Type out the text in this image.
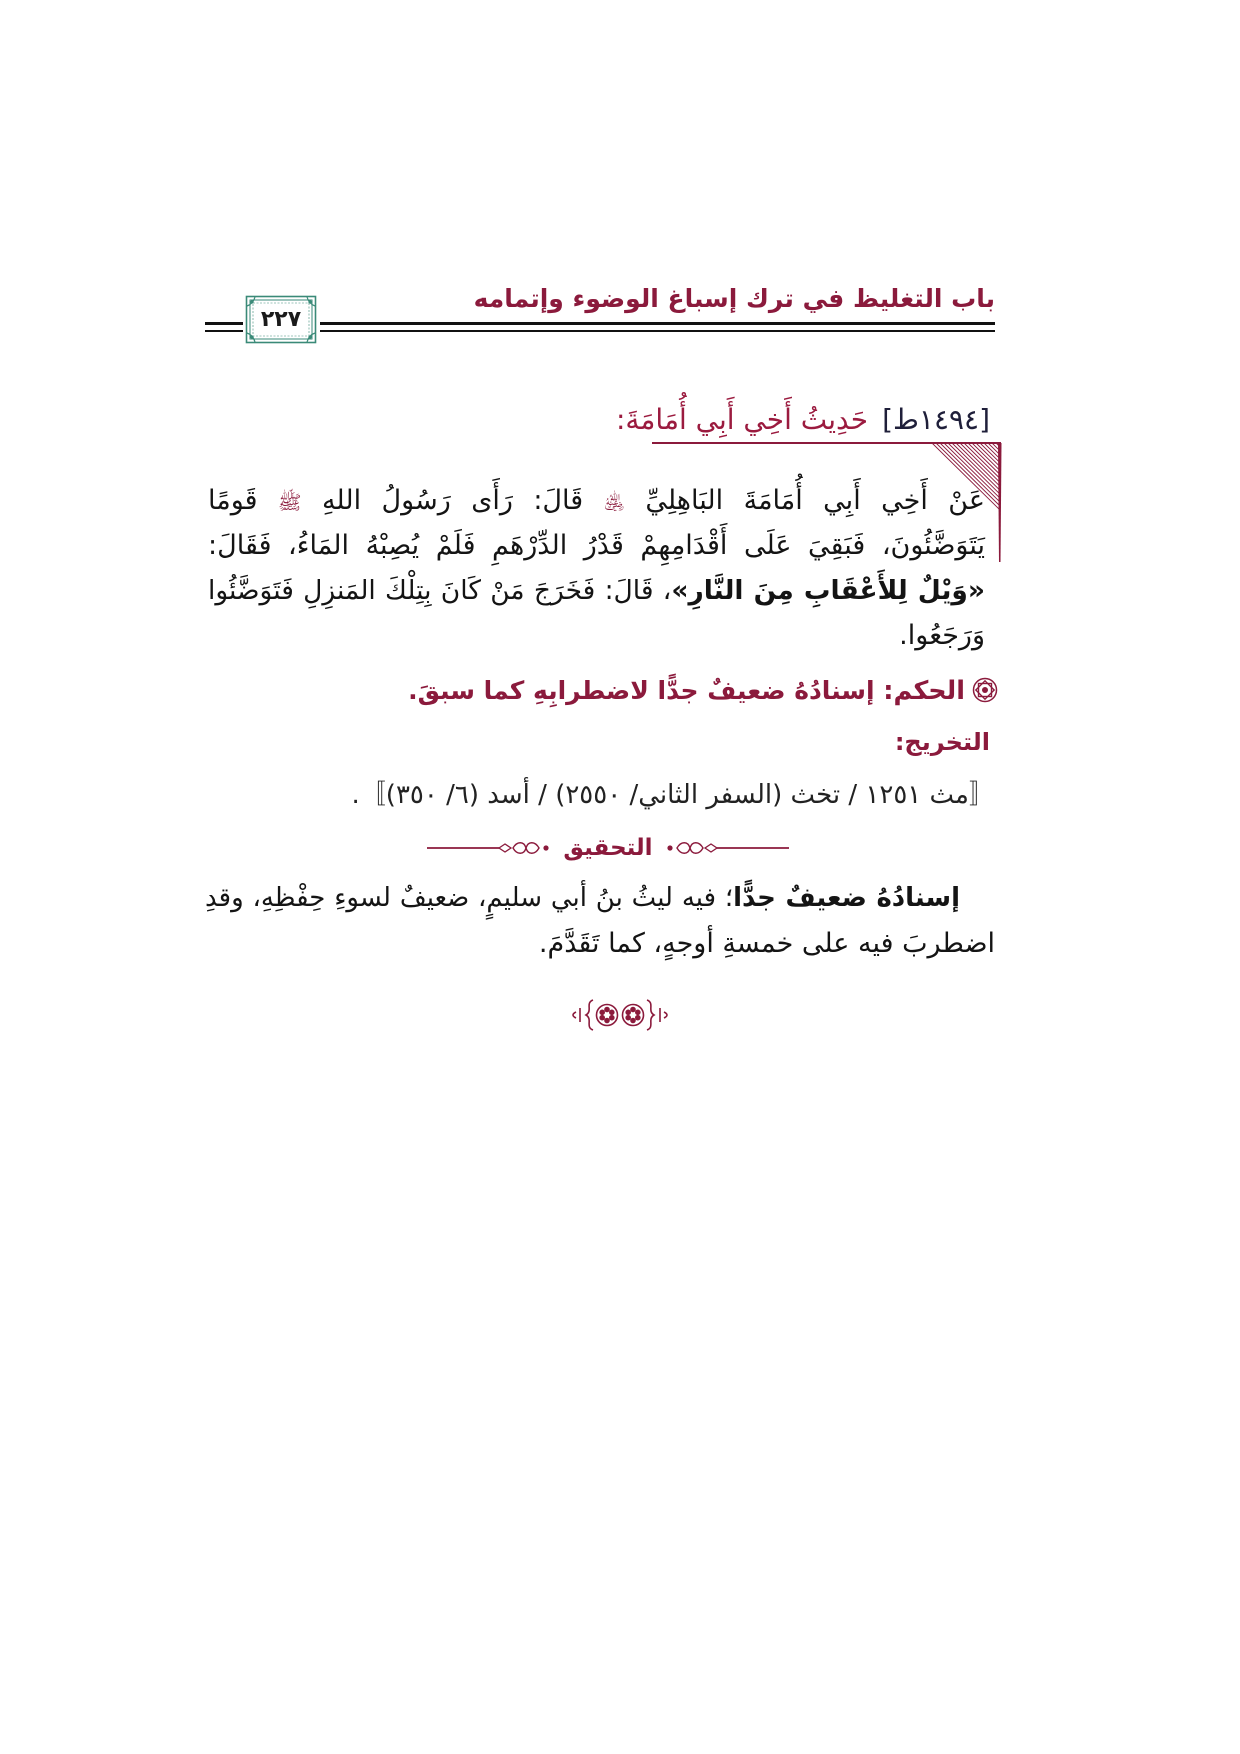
باب التغليظ في ترك إسباغ الوضوء وإتمامه
٢٢٧
[١٤٩٤ط]حَدِيثُ أَخِي أَبِي أُمَامَةَ:
عَنْ أَخِي أَبِي أُمَامَةَ البَاهِلِيِّ ﵁ قَالَ: رَأَى رَسُولُ اللهِ ﷺ قَومًا
يَتَوَضَّئُونَ، فَبَقِيَ عَلَى أَقْدَامِهِمْ قَدْرُ الدِّرْهَمِ فَلَمْ يُصِبْهُ المَاءُ، فَقَالَ:
«وَيْلٌ لِلأَعْقَابِ مِنَ النَّارِ»، قَالَ: فَخَرَجَ مَنْ كَانَ بِتِلْكَ المَنزِلِ فَتَوَضَّئُوا
وَرَجَعُوا.
الحكم: إسنادُهُ ضعيفٌ جدًّا لاضطرابِهِ كما سبقَ.
التخريج:
〚مث ١٢٥١ / تخث (السفر الثاني/ ٢٥٥٠) / أسد (٦/ ٣٥٠)〛.
التحقيق
إسنادُهُ ضعيفٌ جدًّا؛ فيه ليثُ بنُ أبي سليمٍ، ضعيفٌ لسوءِ حِفْظِهِ، وقدِ
اضطربَ فيه على خمسةِ أوجهٍ، كما تَقَدَّمَ.
